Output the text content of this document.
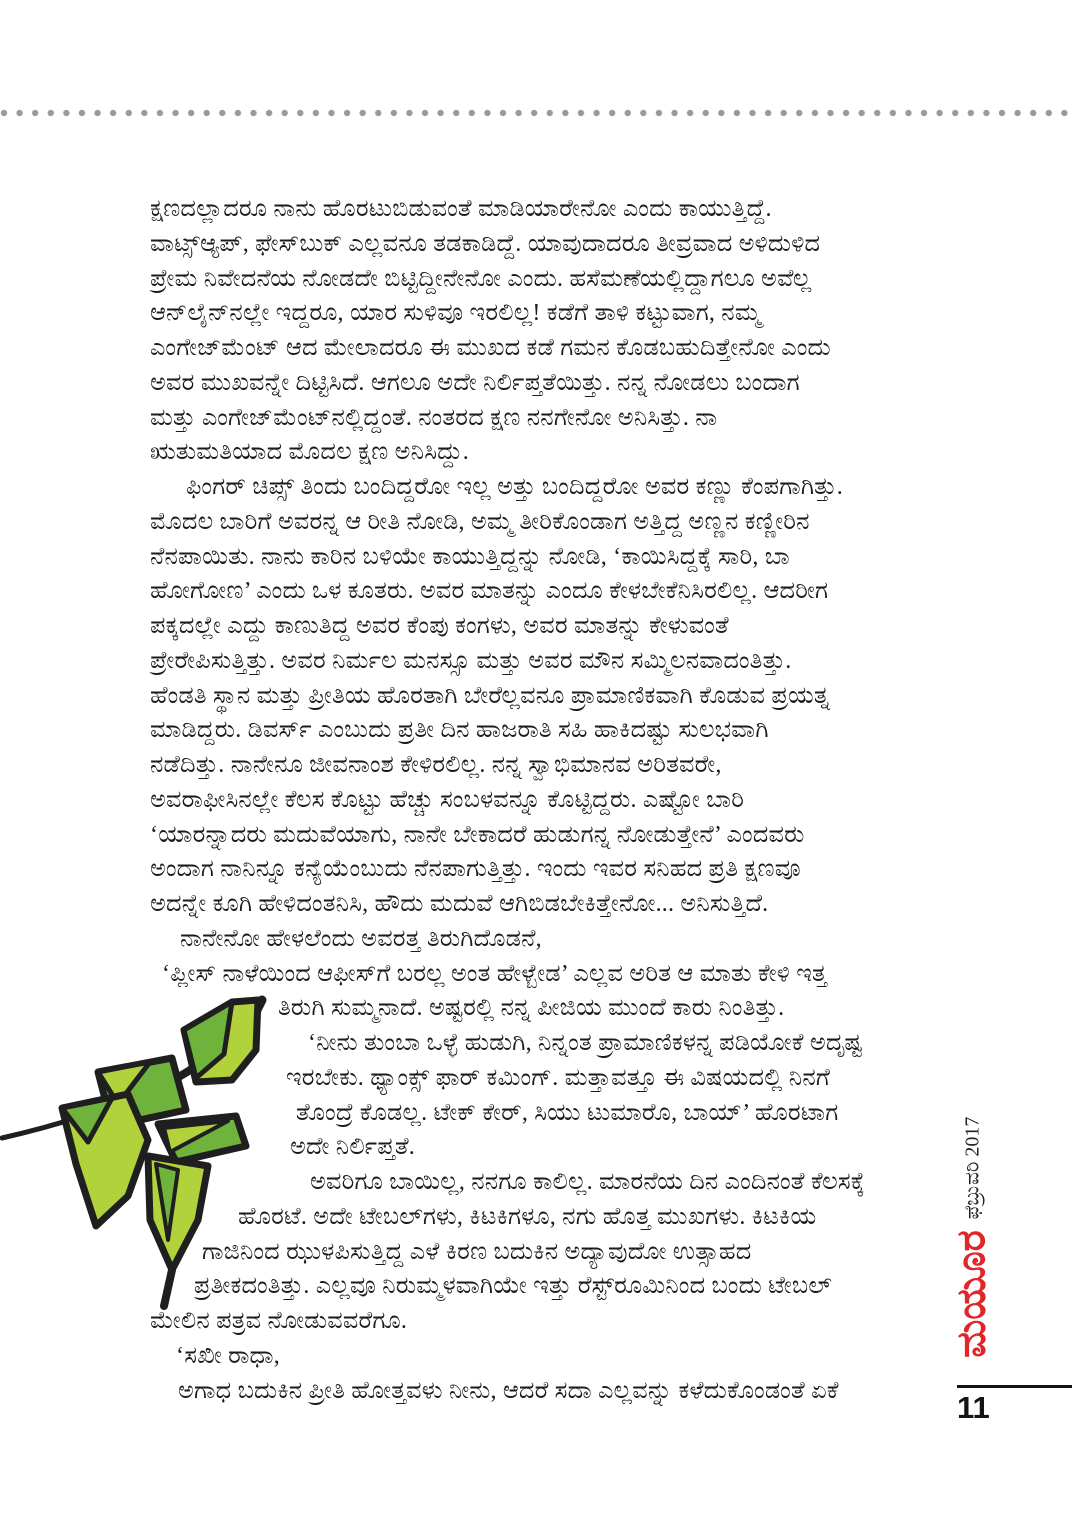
ಕ್ಷಣದಲ್ಲಾದರೂ ನಾನು ಹೊರಟುಬಿಡುವಂತೆ ಮಾಡಿಯಾರೇನೋ ಎಂದು ಕಾಯುತ್ತಿದ್ದೆ.
ವಾಟ್ಸ್‌ಆ್ಯಪ್, ಫೇಸ್‌ಬುಕ್ ಎಲ್ಲವನೂ ತಡಕಾಡಿದ್ದೆ. ಯಾವುದಾದರೂ ತೀವ್ರವಾದ ಅಳಿದುಳಿದ
ಪ್ರೇಮ ನಿವೇದನೆಯ ನೋಡದೇ ಬಿಟ್ಟಿದ್ದೀನೇನೋ ಎಂದು. ಹಸೆಮಣೆಯಲ್ಲಿದ್ದಾಗಲೂ ಅವೆಲ್ಲ
ಆನ್‌ಲೈನ್‌ನಲ್ಲೇ ಇದ್ದರೂ, ಯಾರ ಸುಳಿವೂ ಇರಲಿಲ್ಲ! ಕಡೆಗೆ ತಾಳಿ ಕಟ್ಟುವಾಗ, ನಮ್ಮ
ಎಂಗೇಜ್‌ಮೆಂಟ್ ಆದ ಮೇಲಾದರೂ ಈ ಮುಖದ ಕಡೆ ಗಮನ ಕೊಡಬಹುದಿತ್ತೇನೋ ಎಂದು
ಅವರ ಮುಖವನ್ನೇ ದಿಟ್ಟಿಸಿದೆ. ಆಗಲೂ ಅದೇ ನಿರ್ಲಿಪ್ತತೆಯಿತ್ತು. ನನ್ನ ನೋಡಲು ಬಂದಾಗ
ಮತ್ತು ಎಂಗೇಜ್‌ಮೆಂಟ್‌ನಲ್ಲಿದ್ದಂತೆ. ನಂತರದ ಕ್ಷಣ ನನಗೇನೋ ಅನಿಸಿತ್ತು. ನಾ
ಋತುಮತಿಯಾದ ಮೊದಲ ಕ್ಷಣ ಅನಿಸಿದ್ದು.
ಫಿಂಗರ್ ಚಿಪ್ಸ್ ತಿಂದು ಬಂದಿದ್ದರೋ ಇಲ್ಲ ಅತ್ತು ಬಂದಿದ್ದರೋ ಅವರ ಕಣ್ಣು ಕೆಂಪಗಾಗಿತ್ತು.
ಮೊದಲ ಬಾರಿಗೆ ಅವರನ್ನ ಆ ರೀತಿ ನೋಡಿ, ಅಮ್ಮ ತೀರಿಕೊಂಡಾಗ ಅತ್ತಿದ್ದ ಅಣ್ಣನ ಕಣ್ಣೀರಿನ
ನೆನಪಾಯಿತು. ನಾನು ಕಾರಿನ ಬಳಿಯೇ ಕಾಯುತ್ತಿದ್ದನ್ನು ನೋಡಿ, ‘ಕಾಯಿಸಿದ್ದಕ್ಕೆ ಸಾರಿ, ಬಾ
ಹೋಗೋಣ’ ಎಂದು ಒಳ ಕೂತರು. ಅವರ ಮಾತನ್ನು ಎಂದೂ ಕೇಳಬೇಕೆನಿಸಿರಲಿಲ್ಲ. ಆದರೀಗ
ಪಕ್ಕದಲ್ಲೇ ಎದ್ದು ಕಾಣುತಿದ್ದ ಅವರ ಕೆಂಪು ಕಂಗಳು, ಅವರ ಮಾತನ್ನು ಕೇಳುವಂತೆ
ಪ್ರೇರೇಪಿಸುತ್ತಿತ್ತು. ಅವರ ನಿರ್ಮಲ ಮನಸ್ಸೂ ಮತ್ತು ಅವರ ಮೌನ ಸಮ್ಮಿಲನವಾದಂತಿತ್ತು.
ಹೆಂಡತಿ ಸ್ಥಾನ ಮತ್ತು ಪ್ರೀತಿಯ ಹೊರತಾಗಿ ಬೇರೆಲ್ಲವನೂ ಪ್ರಾಮಾಣಿಕವಾಗಿ ಕೊಡುವ ಪ್ರಯತ್ನ
ಮಾಡಿದ್ದರು. ಡಿವರ್ಸ್ ಎಂಬುದು ಪ್ರತೀ ದಿನ ಹಾಜರಾತಿ ಸಹಿ ಹಾಕಿದಷ್ಟು ಸುಲಭವಾಗಿ
ನಡೆದಿತ್ತು. ನಾನೇನೂ ಜೀವನಾಂಶ ಕೇಳಿರಲಿಲ್ಲ. ನನ್ನ ಸ್ವಾಭಿಮಾನವ ಅರಿತವರೇ,
ಅವರಾಫೀಸಿನಲ್ಲೇ ಕೆಲಸ ಕೊಟ್ಟು ಹೆಚ್ಚು ಸಂಬಳವನ್ನೂ ಕೊಟ್ಟಿದ್ದರು. ಎಷ್ಟೋ ಬಾರಿ
‘ಯಾರನ್ನಾದರು ಮದುವೆಯಾಗು, ನಾನೇ ಬೇಕಾದರೆ ಹುಡುಗನ್ನ ನೋಡುತ್ತೇನೆ’ ಎಂದವರು
ಅಂದಾಗ ನಾನಿನ್ನೂ ಕನ್ಯೆಯೆಂಬುದು ನೆನಪಾಗುತ್ತಿತ್ತು. ಇಂದು ಇವರ ಸನಿಹದ ಪ್ರತಿ ಕ್ಷಣವೂ
ಅದನ್ನೇ ಕೂಗಿ ಹೇಳಿದಂತನಿಸಿ, ಹೌದು ಮದುವೆ ಆಗಿಬಿಡಬೇಕಿತ್ತೇನೋ... ಅನಿಸುತ್ತಿದೆ.
ನಾನೇನೋ ಹೇಳಲೆಂದು ಅವರತ್ತ ತಿರುಗಿದೊಡನೆ,
‘ಪ್ಲೀಸ್ ನಾಳೆಯಿಂದ ಆಫೀಸ್‌ಗೆ ಬರಲ್ಲ ಅಂತ ಹೇಳ್ಬೇಡ’ ಎಲ್ಲವ ಅರಿತ ಆ ಮಾತು ಕೇಳಿ ಇತ್ತ
ತಿರುಗಿ ಸುಮ್ಮನಾದೆ. ಅಷ್ಟರಲ್ಲಿ ನನ್ನ ಪೀಜಿಯ ಮುಂದೆ ಕಾರು ನಿಂತಿತ್ತು.
‘ನೀನು ತುಂಬಾ ಒಳ್ಳೆ ಹುಡುಗಿ, ನಿನ್ನಂತ ಪ್ರಾಮಾಣಿಕಳನ್ನ ಪಡಿಯೋಕೆ ಅದೃಷ್ಟ
ಇರಬೇಕು. ಥ್ಯಾಂಕ್ಸ್ ಫಾರ್ ಕಮಿಂಗ್. ಮತ್ತಾವತ್ತೂ ಈ ವಿಷಯದಲ್ಲಿ ನಿನಗೆ
ತೊಂದ್ರೆ ಕೊಡಲ್ಲ. ಟೇಕ್ ಕೇರ್, ಸಿಯು ಟುಮಾರೊ, ಬಾಯ್’ ಹೊರಟಾಗ
ಅದೇ ನಿರ್ಲಿಪ್ತತೆ.
ಅವರಿಗೂ ಬಾಯಿಲ್ಲ, ನನಗೂ ಕಾಲಿಲ್ಲ. ಮಾರನೆಯ ದಿನ ಎಂದಿನಂತೆ ಕೆಲಸಕ್ಕೆ
ಹೊರಟೆ. ಅದೇ ಟೇಬಲ್‌ಗಳು, ಕಿಟಕಿಗಳೂ, ನಗು ಹೊತ್ತ ಮುಖಗಳು. ಕಿಟಕಿಯ
ಗಾಜಿನಿಂದ ಝುಳಪಿಸುತ್ತಿದ್ದ ಎಳೆ ಕಿರಣ ಬದುಕಿನ ಅದ್ಯಾವುದೋ ಉತ್ಸಾಹದ
ಪ್ರತೀಕದಂತಿತ್ತು. ಎಲ್ಲವೂ ನಿರುಮ್ಮಳವಾಗಿಯೇ ಇತ್ತು ರೆಸ್ಟ್‌ರೂಮಿನಿಂದ ಬಂದು ಟೇಬಲ್
ಮೇಲಿನ ಪತ್ರವ ನೋಡುವವರೆಗೂ.
‘ಸಖೀ ರಾಧಾ,
ಅಗಾಧ ಬದುಕಿನ ಪ್ರೀತಿ ಹೋತ್ತವಳು ನೀನು, ಆದರೆ ಸದಾ ಎಲ್ಲವನ್ನು ಕಳೆದುಕೊಂಡಂತೆ ಏಕೆ
ಫೆಬ್ರುವರಿ 2017
ಮಯೂರ
11
